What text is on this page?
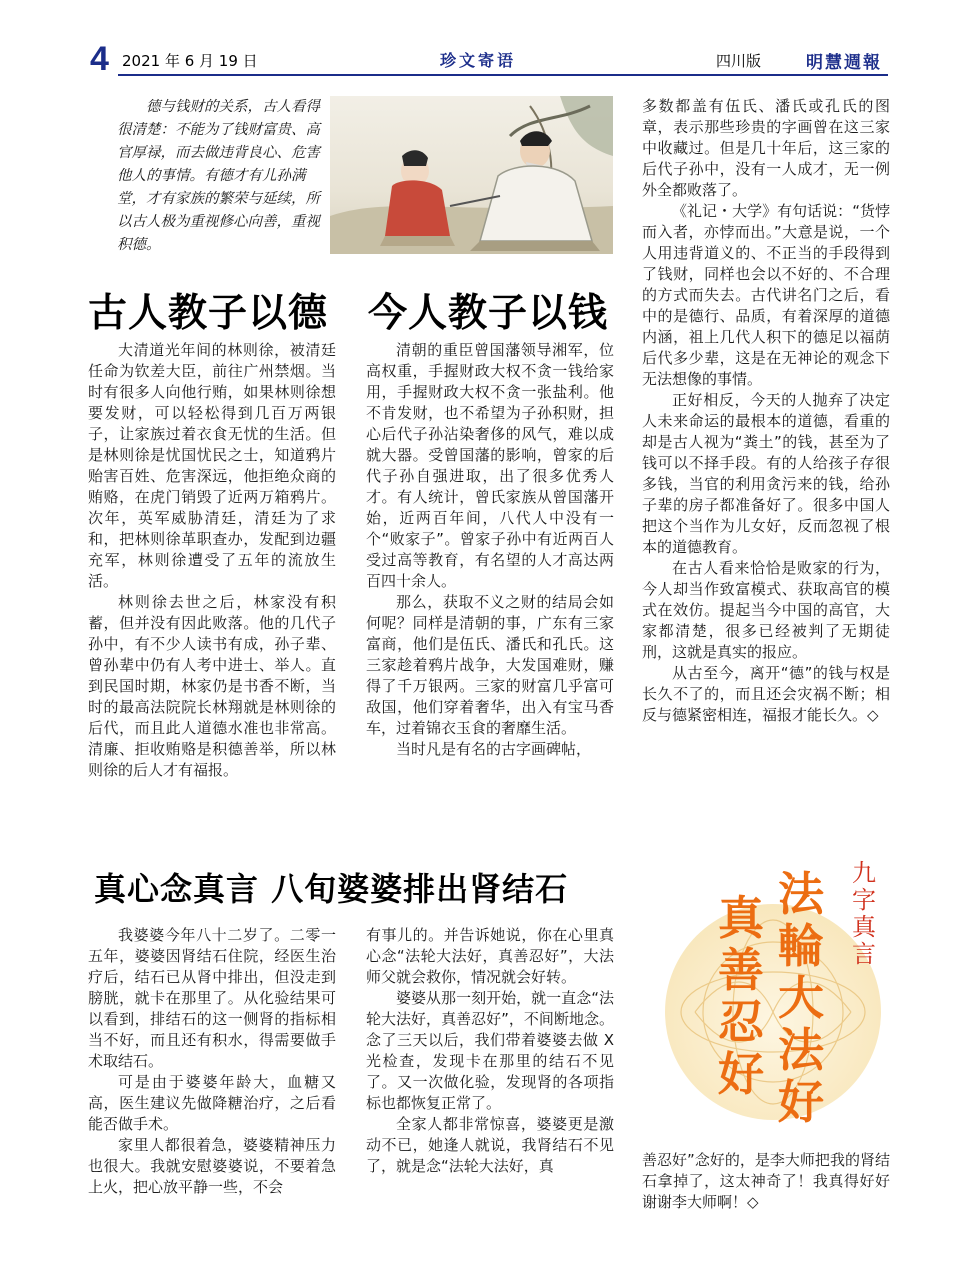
4 2021 年 6 月 19 日	珍文寄语	四川版	明慧週報

德与钱财的关系，古人看得很清楚：不能为了钱财富贵、高官厚禄，而去做违背良心、危害他人的事情。有德才有儿孙满堂，才有家族的繁荣与延续，所以古人极为重视修心向善，重视积德。

古人教子以德　今人教子以钱

大清道光年间的林则徐，被清廷任命为钦差大臣，前往广州禁烟。当时有很多人向他行贿，如果林则徐想要发财，可以轻松得到几百万两银子，让家族过着衣食无忧的生活。但是林则徐是忧国忧民之士，知道鸦片贻害百姓、危害深远，他拒绝众商的贿赂，在虎门销毁了近两万箱鸦片。次年，英军威胁清廷，清廷为了求和，把林则徐革职查办，发配到边疆充军，林则徐遭受了五年的流放生活。

林则徐去世之后，林家没有积蓄，但并没有因此败落。他的几代子孙中，有不少人读书有成，孙子辈、曾孙辈中仍有人考中进士、举人。直到民国时期，林家仍是书香不断，当时的最高法院院长林翔就是林则徐的后代，而且此人道德水准也非常高。清廉、拒收贿赂是积德善举，所以林则徐的后人才有福报。

清朝的重臣曾国藩领导湘军，位高权重，手握财政大权不贪一钱给家用，手握财政大权不贪一张盐利。他不肯发财，也不希望为子孙积财，担心后代子孙沾染奢侈的风气，难以成就大器。受曾国藩的影响，曾家的后代子孙自强进取，出了很多优秀人才。有人统计，曾氏家族从曾国藩开始，近两百年间，八代人中没有一个“败家子”。曾家子孙中有近两百人受过高等教育，有名望的人才高达两百四十余人。

那么，获取不义之财的结局会如何呢？同样是清朝的事，广东有三家富商，他们是伍氏、潘氏和孔氏。这三家趁着鸦片战争，大发国难财，赚得了千万银两。三家的财富几乎富可敌国，他们穿着奢华，出入有宝马香车，过着锦衣玉食的奢靡生活。

当时凡是有名的古字画碑帖，

多数都盖有伍氏、潘氏或孔氏的图章，表示那些珍贵的字画曾在这三家中收藏过。但是几十年后，这三家的后代子孙中，没有一人成才，无一例外全都败落了。

《礼记・大学》有句话说：“货悖而入者，亦悖而出。”大意是说，一个人用违背道义的、不正当的手段得到了钱财，同样也会以不好的、不合理的方式而失去。古代讲名门之后，看中的是德行、品质，有着深厚的道德内涵，祖上几代人积下的德足以福荫后代多少辈，这是在无神论的观念下无法想像的事情。

正好相反，今天的人抛弃了决定人未来命运的最根本的道德，看重的却是古人视为“粪土”的钱，甚至为了钱可以不择手段。有的人给孩子存很多钱，当官的利用贪污来的钱，给孙子辈的房子都准备好了。很多中国人把这个当作为儿女好，反而忽视了根本的道德教育。

在古人看来恰恰是败家的行为，今人却当作致富模式、获取高官的模式在效仿。提起当今中国的高官，大家都清楚，很多已经被判了无期徒刑，这就是真实的报应。

从古至今，离开“德”的钱与权是长久不了的，而且还会灾祸不断；相反与德紧密相连，福报才能长久。◇

真心念真言 八旬婆婆排出肾结石

我婆婆今年八十二岁了。二零一五年，婆婆因肾结石住院，经医生治疗后，结石已从肾中排出，但没走到膀胱，就卡在那里了。从化验结果可以看到，排结石的这一侧肾的指标相当不好，而且还有积水，得需要做手术取结石。

可是由于婆婆年龄大，血糖又高，医生建议先做降糖治疗，之后看能否做手术。

家里人都很着急，婆婆精神压力也很大。我就安慰婆婆说，不要着急上火，把心放平静一些，不会

有事儿的。并告诉她说，你在心里真心念“法轮大法好，真善忍好”，大法师父就会救你，情况就会好转。

婆婆从那一刻开始，就一直念“法轮大法好，真善忍好”，不间断地念。念了三天以后，我们带着婆婆去做 X 光检查，发现卡在那里的结石不见了。又一次做化验，发现肾的各项指标也都恢复正常了。

全家人都非常惊喜，婆婆更是激动不已，她逢人就说，我肾结石不见了，就是念“法轮大法好，真	善忍好”念好的，是李大师把我的肾结石拿掉了，这太神奇了！我真得好好谢谢李大师啊！◇

九字真言
法輪大法好
真善忍好
